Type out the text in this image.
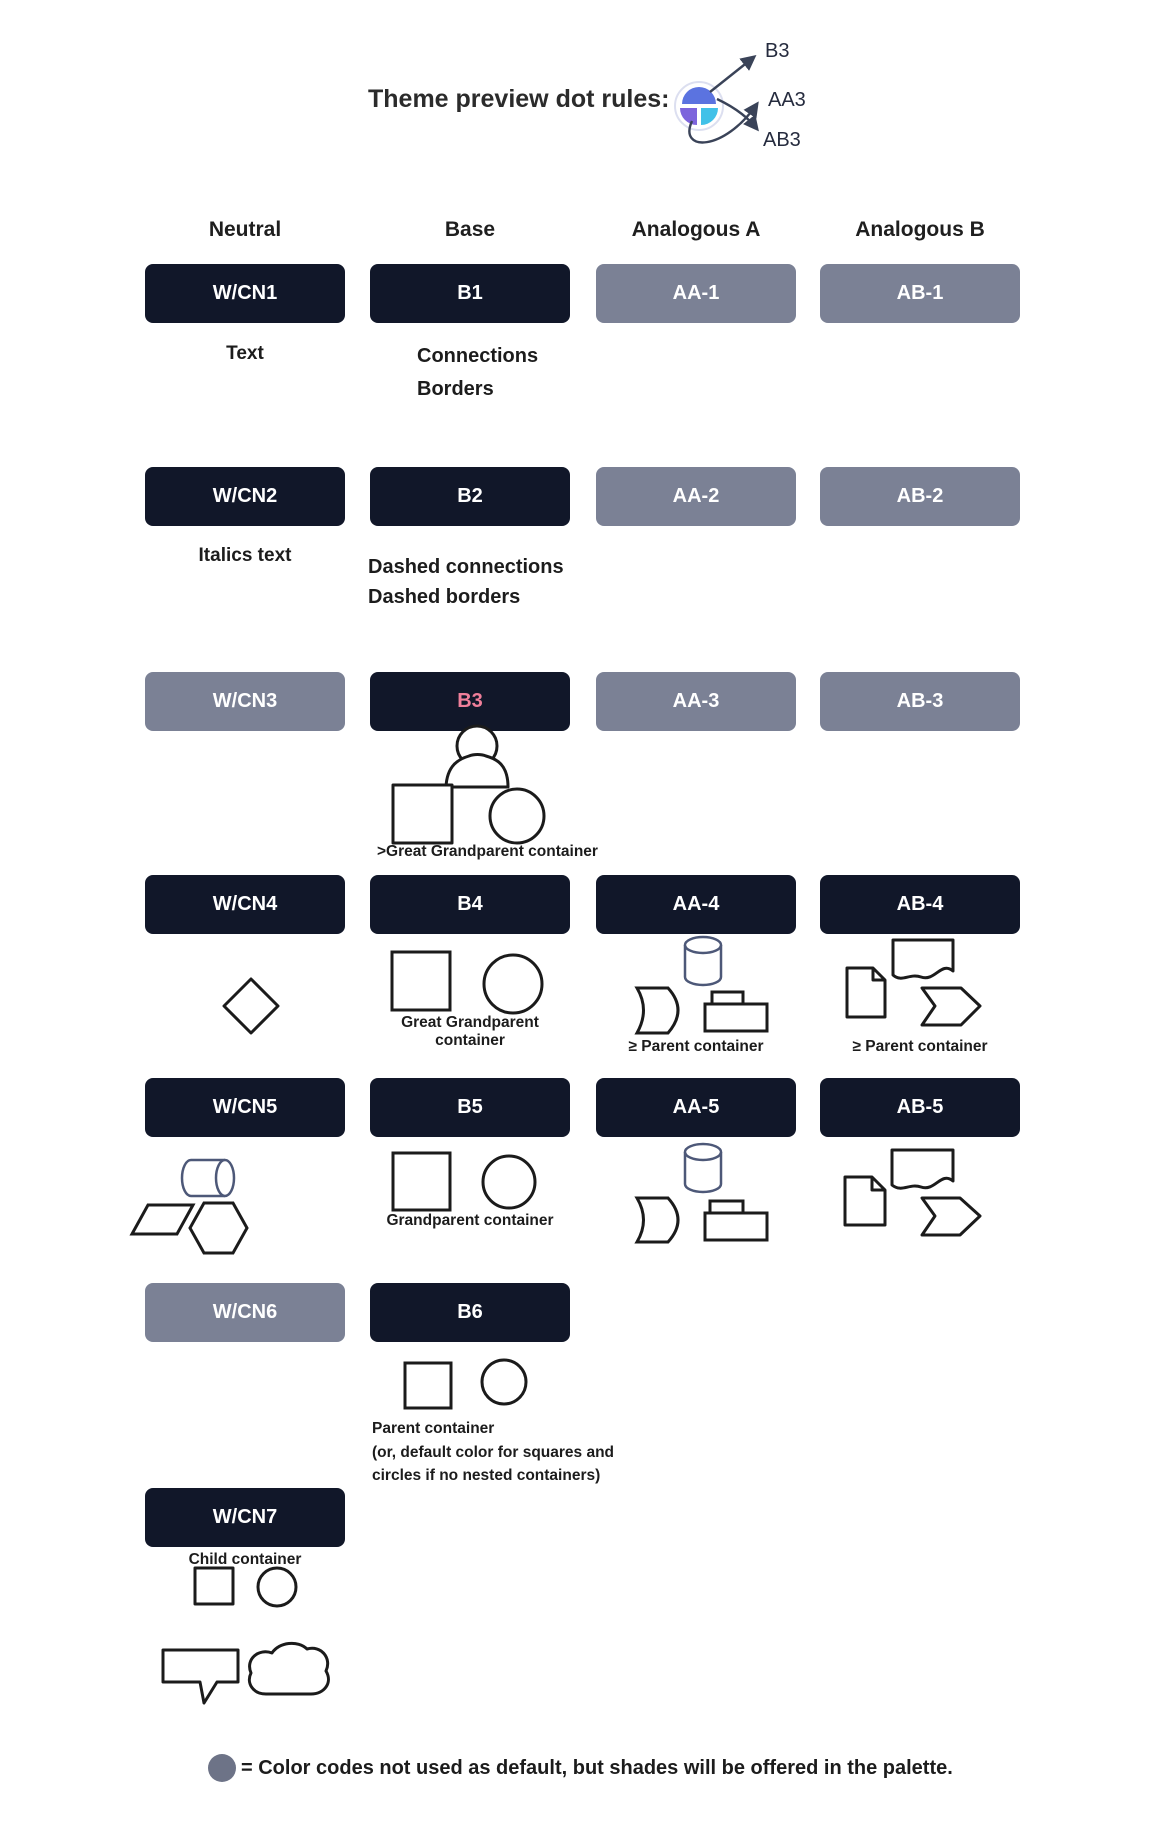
Theme preview dot rules:
B3
AA3
AB3
Neutral	Base	Analogous A	Analogous B
W/CN1	B1	AA-1	AB-1
W/CN2	B2	AA-2	AB-2
W/CN3	B3	AA-3	AB-3
W/CN4	B4	AA-4	AB-4
W/CN5	B5	AA-5	AB-5
W/CN6	B6
W/CN7
Text	Connections
Borders
Italics text
Dashed connections
Dashed borders
>Great Grandparent container
Great Grandparent container	≥ Parent container	≥ Parent container
Grandparent container
Parent container
(or, default color for squares and
circles if no nested containers)
Child container
= Color codes not used as default, but shades will be offered in the palette.
